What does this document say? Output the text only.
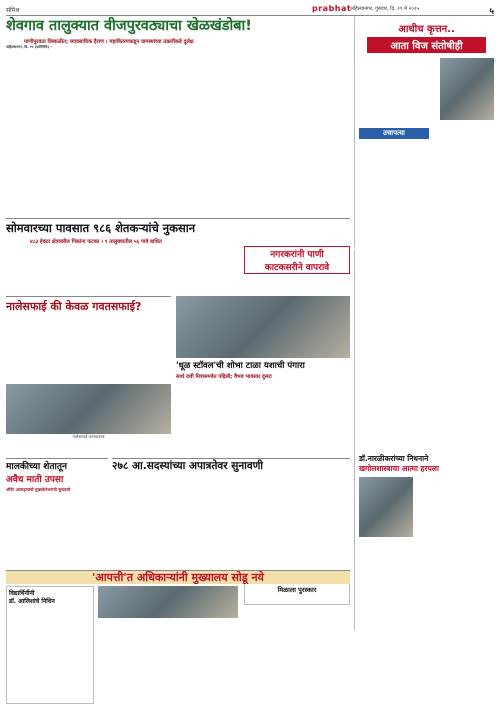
संमिश्र	prabhat
अहिल्यानगर, गुरुवार, दि. २१ मे २०२५	५
शेवगाव तालुक्यात वीजपुरवठ्याचा खेळखंडोबा!
पाणीपुरवठा विस्कळीत; व्यावसायिक हैराण । महावितरणकडून ग्रामस्थांच्या तक्रारींकडे दुर्लक्ष
अहिल्यानगर, दि. २० (प्रतिनिधि) -
आधीच कृत्तन..
आता विज संतोषीही
उचापत्या
सोमवारच्या पावसात ९८६ शेतकऱ्यांचे नुकसान
४८३ हेक्टर क्षेत्रावरील पिकांना फटका । ९ तालुक्यातील ५६ गावे बाधित
नगरकरांनी पाणी
काटकसरीने वापरावे
नालेसफाई की केवळ गवतसफाई?
नालेसफाई कागदावरच
'धूळ स्टॉवल'ची शोभा टाळा यशाची पंगारा
सार्थ रावी मित्रासमवेत पहिली; वैभव भावसार दुसरा
मालकीच्या शेतातून
अवैध माती उपसा
ऑनेंट आत्महत्यांची मुख्यकेनेशनाची सुनावणी
२७८ आ.सदस्यांच्या अपात्रतेवर सुनावणी
डॉ.नारळीकरांच्या निधनाने
खगोलशास्त्राचा आत्मा हरपला
मिळाला पुरस्कार
'आपत्ती'त अधिकाऱ्यांनी मुख्यालय सोडू नये
विद्यार्थिनींनी
डॉ. आलिशांचे निधिन
